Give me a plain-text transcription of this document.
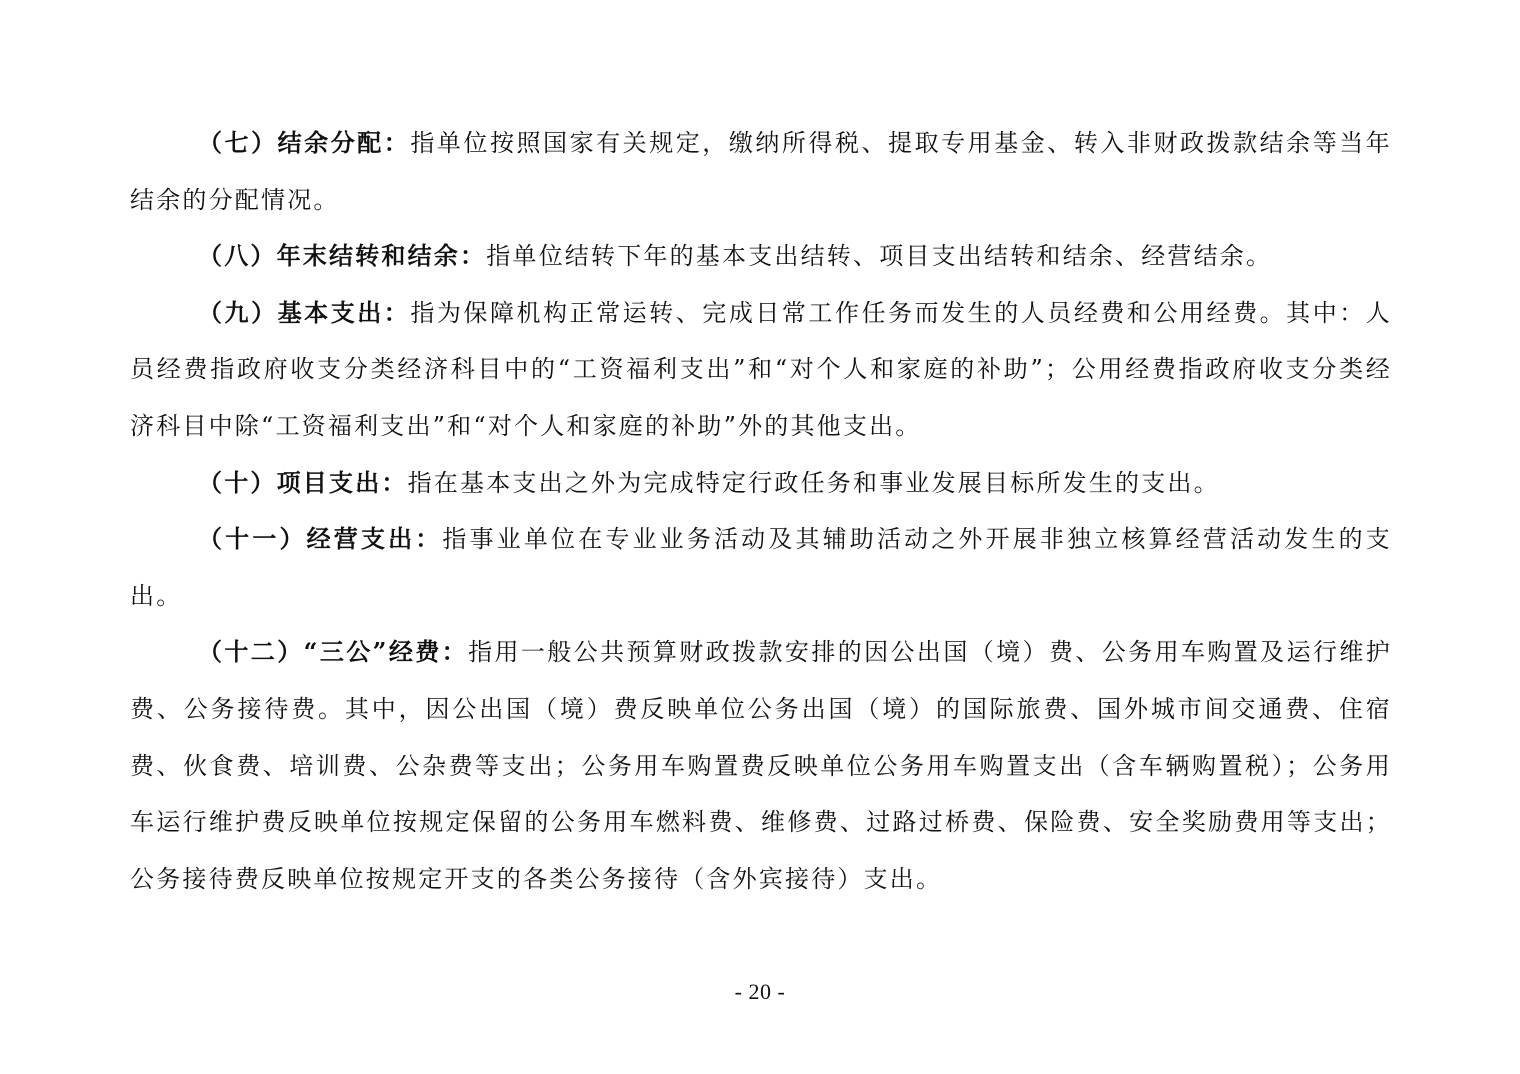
（七）结余分配：指单位按照国家有关规定，缴纳所得税、提取专用基金、转入非财政拨款结余等当年结余的分配情况。

（八）年末结转和结余：指单位结转下年的基本支出结转、项目支出结转和结余、经营结余。

（九）基本支出：指为保障机构正常运转、完成日常工作任务而发生的人员经费和公用经费。其中：人员经费指政府收支分类经济科目中的“工资福利支出”和“对个人和家庭的补助”；公用经费指政府收支分类经济科目中除“工资福利支出”和“对个人和家庭的补助”外的其他支出。

（十）项目支出：指在基本支出之外为完成特定行政任务和事业发展目标所发生的支出。

（十一）经营支出：指事业单位在专业业务活动及其辅助活动之外开展非独立核算经营活动发生的支出。

（十二）“三公”经费：指用一般公共预算财政拨款安排的因公出国（境）费、公务用车购置及运行维护费、公务接待费。其中，因公出国（境）费反映单位公务出国（境）的国际旅费、国外城市间交通费、住宿费、伙食费、培训费、公杂费等支出；公务用车购置费反映单位公务用车购置支出（含车辆购置税）；公务用车运行维护费反映单位按规定保留的公务用车燃料费、维修费、过路过桥费、保险费、安全奖励费用等支出；公务接待费反映单位按规定开支的各类公务接待（含外宾接待）支出。

- 20 -
